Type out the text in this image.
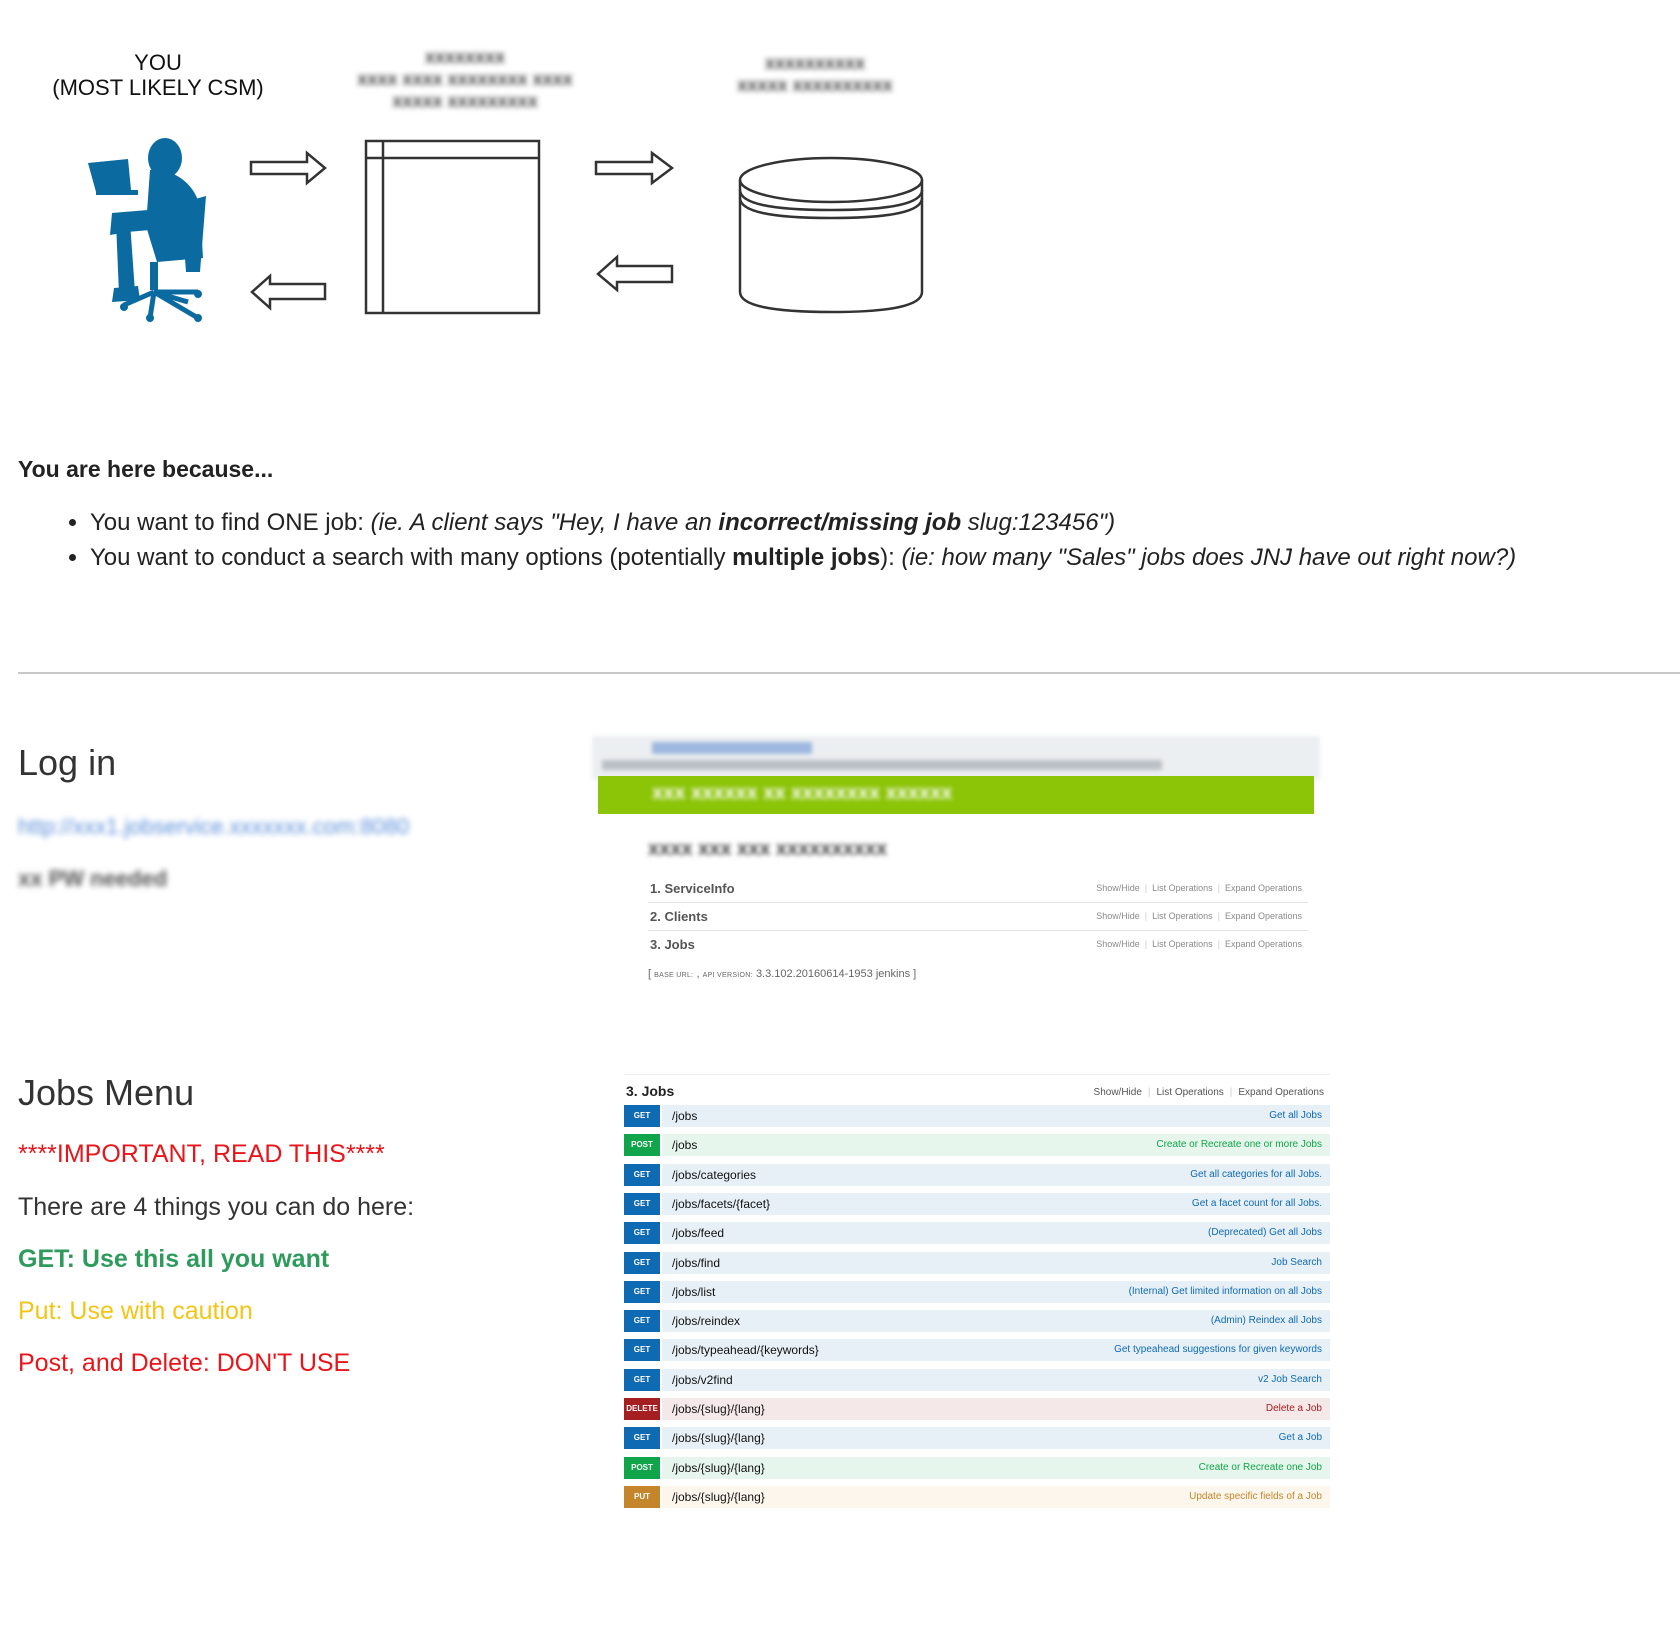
YOU
(MOST LIKELY CSM)
xxxxxxxx
xxxx xxxx xxxxxxxx xxxx
xxxxx xxxxxxxxx
xxxxxxxxxx
xxxxx xxxxxxxxxx
You are here because...
• You want to find ONE job: (ie. A client says "Hey, I have an incorrect/missing job slug:123456")
• You want to conduct a search with many options (potentially multiple jobs): (ie: how many "Sales" jobs does JNJ have out right now?)
Log in
http://xxx1.jobservice.xxxxxxx.com:8080
xx PW needed
xxx xxxxxx xx xxxxxxxx xxxxxx
xxxx xxx xxx xxxxxxxxxx
1. ServiceInfo	Show/Hide | List Operations | Expand Operations
2. Clients	Show/Hide | List Operations | Expand Operations
3. Jobs	Show/Hide | List Operations | Expand Operations
[ BASE URL: , API VERSION: 3.3.102.20160614-1953 jenkins ]
Jobs Menu
****IMPORTANT, READ THIS****
There are 4 things you can do here:
GET: Use this all you want
Put: Use with caution
Post, and Delete: DON'T USE
3. Jobs	Show/Hide | List Operations | Expand Operations
GET	/jobs	Get all Jobs
POST	/jobs	Create or Recreate one or more Jobs
GET	/jobs/categories	Get all categories for all Jobs.
GET	/jobs/facets/{facet}	Get a facet count for all Jobs.
GET	/jobs/feed	(Deprecated) Get all Jobs
GET	/jobs/find	Job Search
GET	/jobs/list	(Internal) Get limited information on all Jobs
GET	/jobs/reindex	(Admin) Reindex all Jobs
GET	/jobs/typeahead/{keywords}	Get typeahead suggestions for given keywords
GET	/jobs/v2find	v2 Job Search
DELETE /jobs/{slug}/{lang}	Delete a Job
GET	/jobs/{slug}/{lang}	Get a Job
POST	/jobs/{slug}/{lang}	Create or Recreate one Job
PUT	/jobs/{slug}/{lang}	Update specific fields of a Job
